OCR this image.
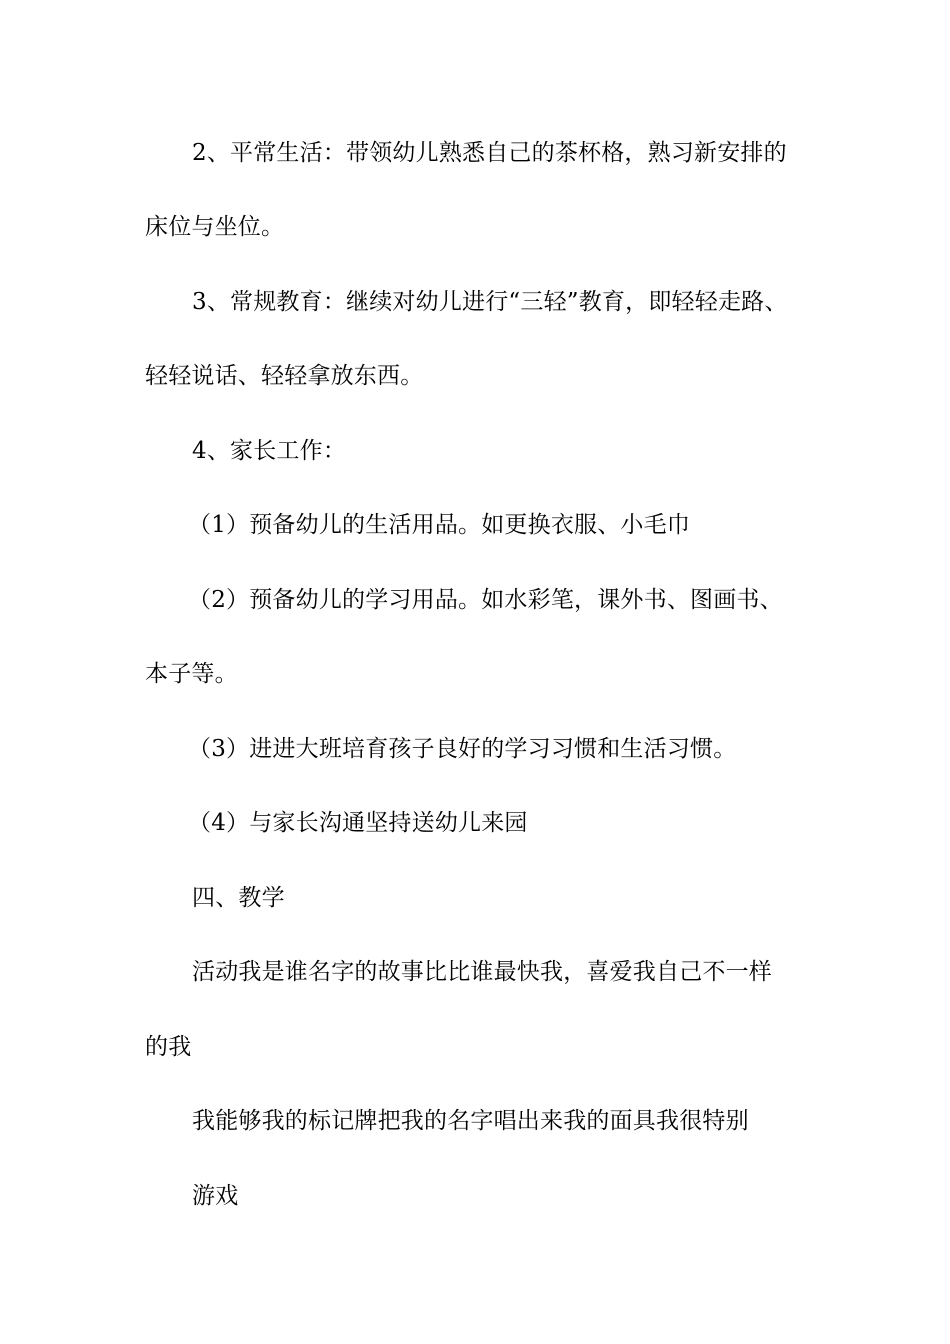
2、平常生活：带领幼儿熟悉自己的茶杯格，熟习新安排的
床位与坐位。
3、常规教育：继续对幼儿进行“三轻”教育，即轻轻走路、
轻轻说话、轻轻拿放东西。
4、家长工作：
（1）预备幼儿的生活用品。如更换衣服、小毛巾
（2）预备幼儿的学习用品。如水彩笔，课外书、图画书、
本子等。
（3）进进大班培育孩子良好的学习习惯和生活习惯。
（4）与家长沟通坚持送幼儿来园
四、教学
活动我是谁名字的故事比比谁最快我，喜爱我自己不一样
的我
我能够我的标记牌把我的名字唱出来我的面具我很特别
游戏
